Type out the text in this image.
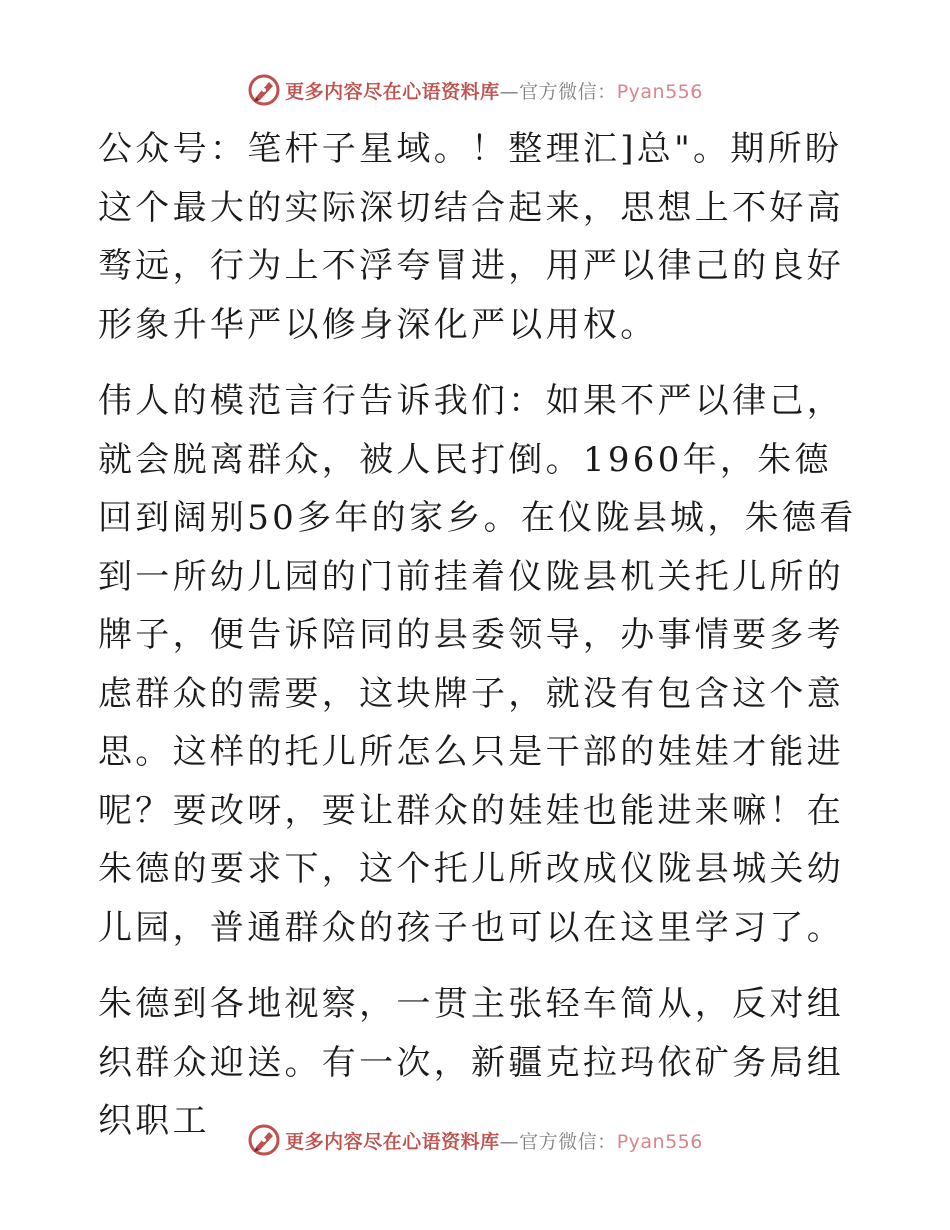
更多内容尽在心语资料库—官方微信：Pyan556

公众号：笔杆子星域。！整理汇]总"。期所盼这个最大的实际深切结合起来，思想上不好高骛远，行为上不浮夸冒进，用严以律己的良好形象升华严以修身深化严以用权。

伟人的模范言行告诉我们：如果不严以律己，就会脱离群众，被人民打倒。1960年，朱德回到阔别50多年的家乡。在仪陇县城，朱德看到一所幼儿园的门前挂着仪陇县机关托儿所的牌子，便告诉陪同的县委领导，办事情要多考虑群众的需要，这块牌子，就没有包含这个意思。这样的托儿所怎么只是干部的娃娃才能进呢？要改呀，要让群众的娃娃也能进来嘛！在朱德的要求下，这个托儿所改成仪陇县城关幼儿园，普通群众的孩子也可以在这里学习了。

朱德到各地视察，一贯主张轻车简从，反对组织群众迎送。有一次，新疆克拉玛依矿务局组织职工

更多内容尽在心语资料库—官方微信：Pyan556
